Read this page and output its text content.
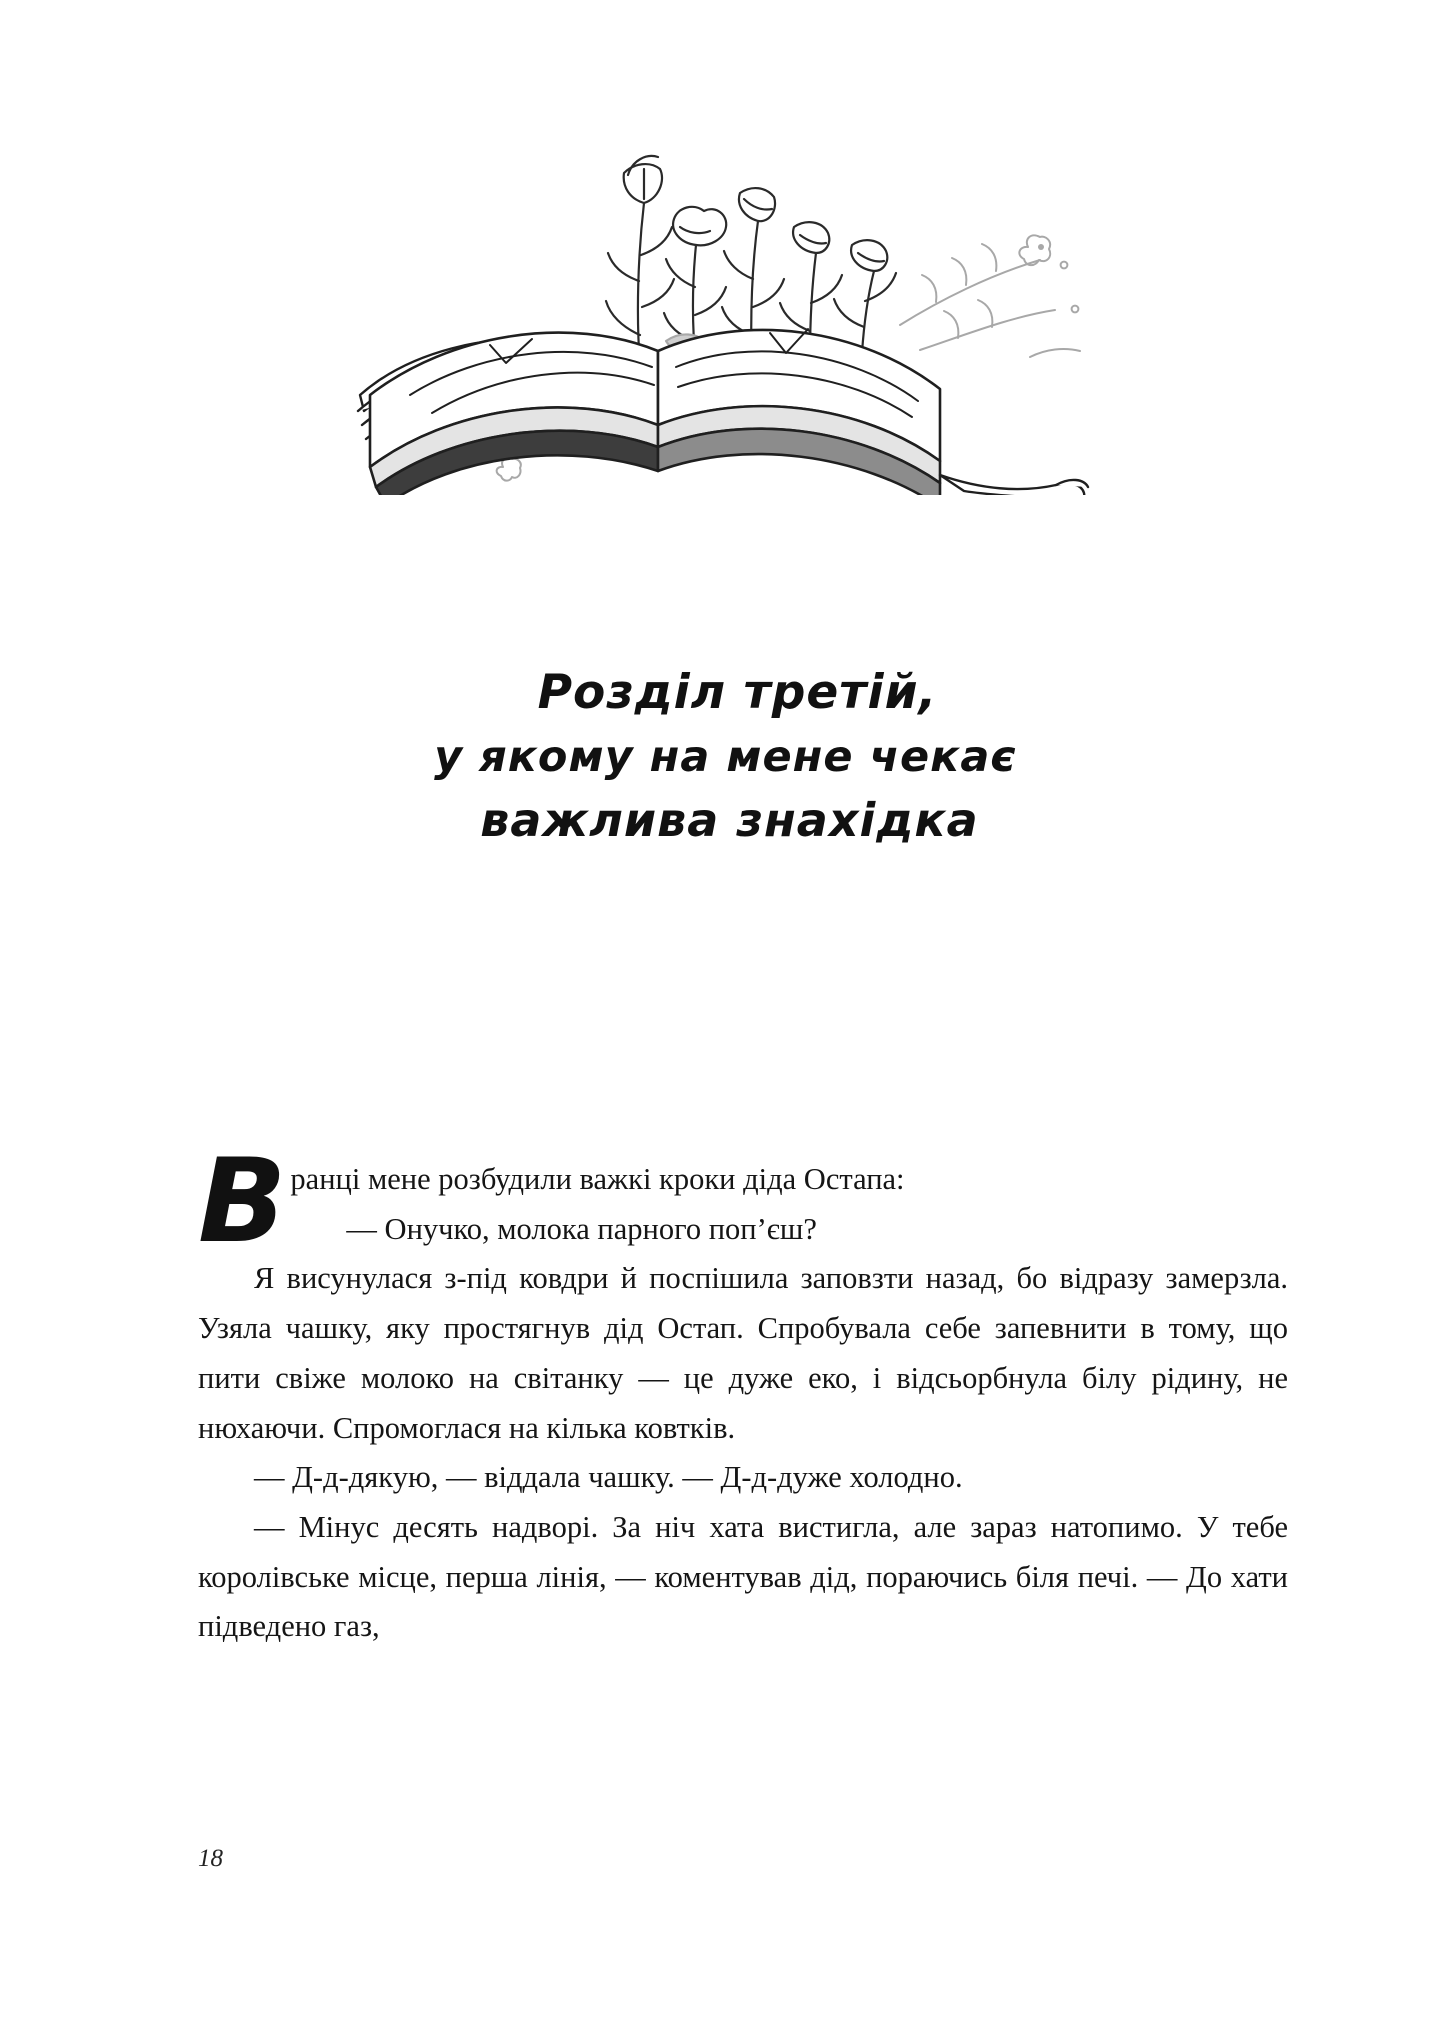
Розділ третій,
у якому на мене чекає
важлива знахідка

Вранці мене розбудили важкі кроки діда Остапа:

— Онучко, молока парного поп’єш?

Я висунулася з-під ковдри й поспішила заповзти назад, бо відразу замерзла. Узяла чашку, яку простягнув дід Остап. Спробувала себе запевнити в тому, що пити свіже молоко на світанку — це дуже еко, і відсьорбнула білу рідину, не нюхаючи. Спромоглася на кілька ковтків.

— Д-д-дякую, — віддала чашку. — Д-д-дуже холодно.

— Мінус десять надворі. За ніч хата вистигла, але зараз натопимо. У тебе королівське місце, перша лінія, — коментував дід, пораючись біля печі. — До хати підведено газ,

18
